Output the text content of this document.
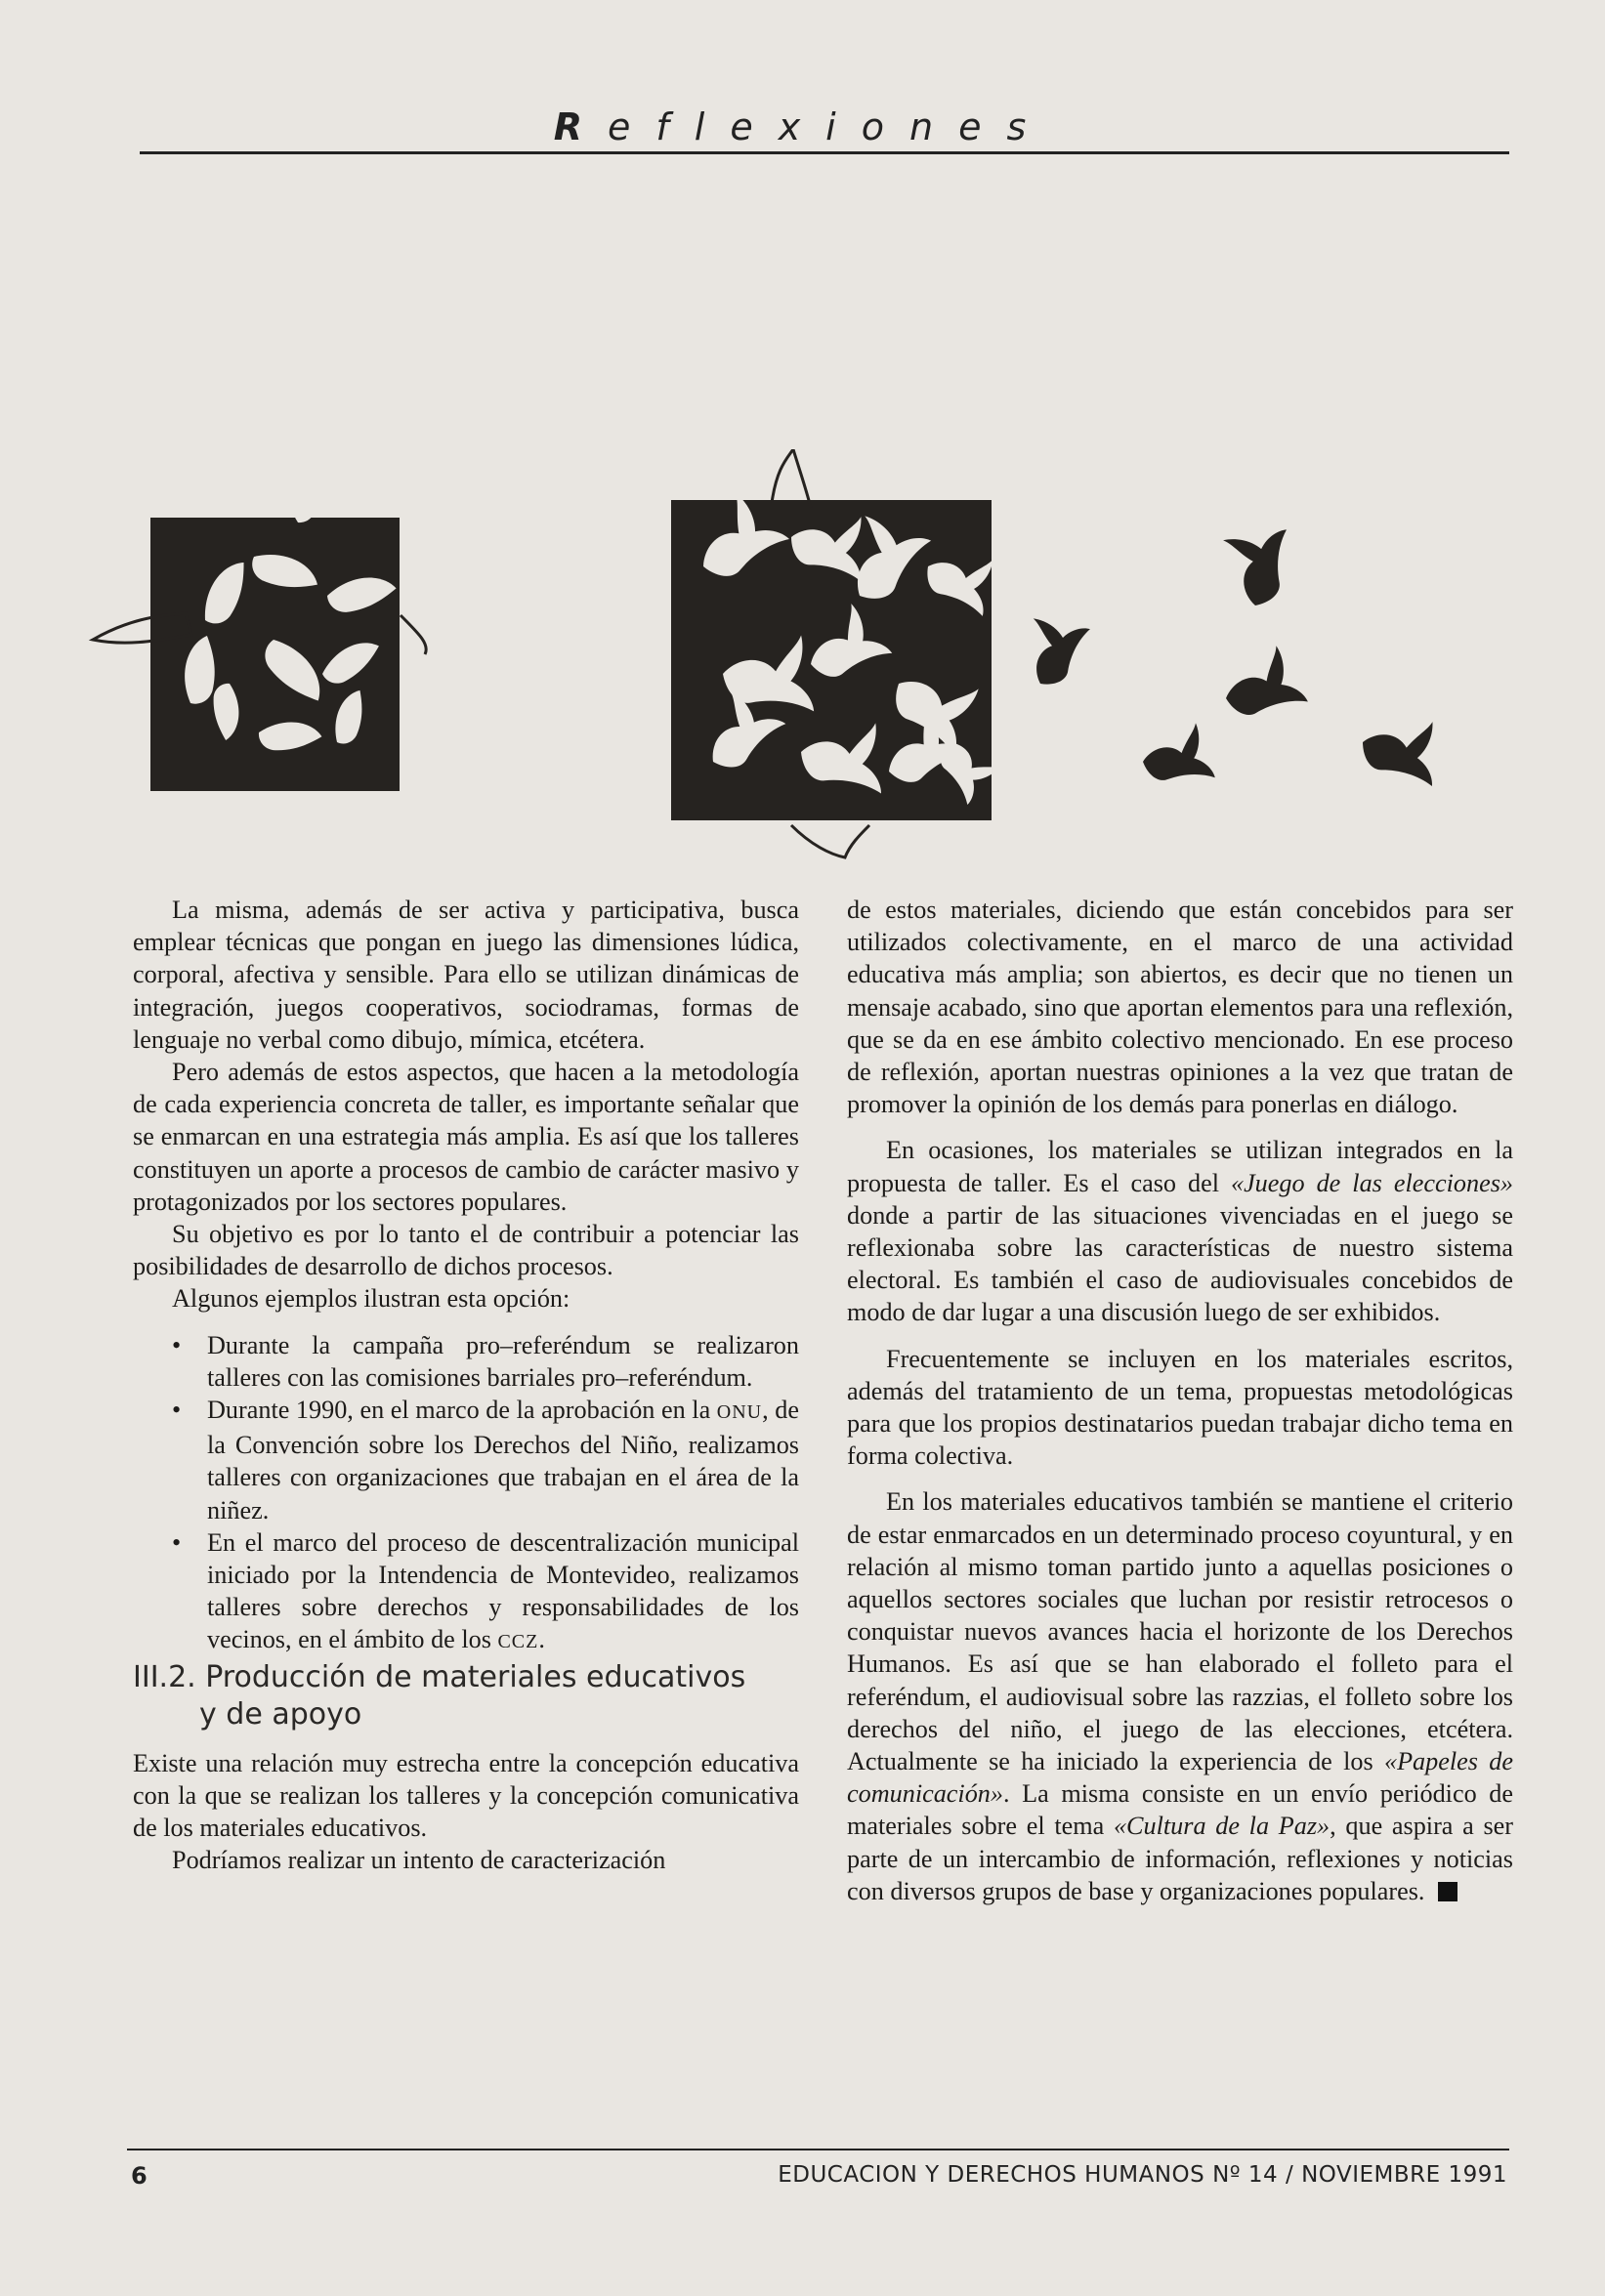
Reflexiones

La misma, además de ser activa y participativa, busca emplear técnicas que pongan en juego las dimensiones lúdica, corporal, afectiva y sensible. Para ello se utilizan dinámicas de integración, juegos cooperativos, sociodramas, formas de lenguaje no verbal como dibujo, mímica, etcétera.

Pero además de estos aspectos, que hacen a la metodología de cada experiencia concreta de taller, es importante señalar que se enmarcan en una estrategia más amplia. Es así que los talleres constituyen un aporte a procesos de cambio de carácter masivo y protagonizados por los sectores populares.

Su objetivo es por lo tanto el de contribuir a potenciar las posibilidades de desarrollo de dichos procesos.

Algunos ejemplos ilustran esta opción:

• Durante la campaña pro–referéndum se realizaron talleres con las comisiones barriales pro–referéndum.
• Durante 1990, en el marco de la aprobación en la ONU, de la Convención sobre los Derechos del Niño, realizamos talleres con organizaciones que trabajan en el área de la niñez.
• En el marco del proceso de descentralización municipal iniciado por la Intendencia de Montevideo, realizamos talleres sobre derechos y responsabilidades de los vecinos, en el ámbito de los CCZ.

III.2. Producción de materiales educativos
y de apoyo

Existe una relación muy estrecha entre la concepción educativa con la que se realizan los talleres y la concepción comunicativa de los materiales educativos.

Podríamos realizar un intento de caracterización

de estos materiales, diciendo que están concebidos para ser utilizados colectivamente, en el marco de una actividad educativa más amplia; son abiertos, es decir que no tienen un mensaje acabado, sino que aportan elementos para una reflexión, que se da en ese ámbito colectivo mencionado. En ese proceso de reflexión, aportan nuestras opiniones a la vez que tratan de promover la opinión de los demás para ponerlas en diálogo.

En ocasiones, los materiales se utilizan integrados en la propuesta de taller. Es el caso del «Juego de las elecciones» donde a partir de las situaciones vivenciadas en el juego se reflexionaba sobre las características de nuestro sistema electoral. Es también el caso de audiovisuales concebidos de modo de dar lugar a una discusión luego de ser exhibidos.

Frecuentemente se incluyen en los materiales escritos, además del tratamiento de un tema, propuestas metodológicas para que los propios destinatarios puedan trabajar dicho tema en forma colectiva.

En los materiales educativos también se mantiene el criterio de estar enmarcados en un determinado proceso coyuntural, y en relación al mismo toman partido junto a aquellas posiciones o aquellos sectores sociales que luchan por resistir retrocesos o conquistar nuevos avances hacia el horizonte de los Derechos Humanos. Es así que se han elaborado el folleto para el referéndum, el audiovisual sobre las razzias, el folleto sobre los derechos del niño, el juego de las elecciones, etcétera. Actualmente se ha iniciado la experiencia de los «Papeles de comunicación». La misma consiste en un envío periódico de materiales sobre el tema «Cultura de la Paz», que aspira a ser parte de un intercambio de información, reflexiones y noticias con diversos grupos de base y organizaciones populares.

6	EDUCACION Y DERECHOS HUMANOS Nº 14 / NOVIEMBRE 1991
